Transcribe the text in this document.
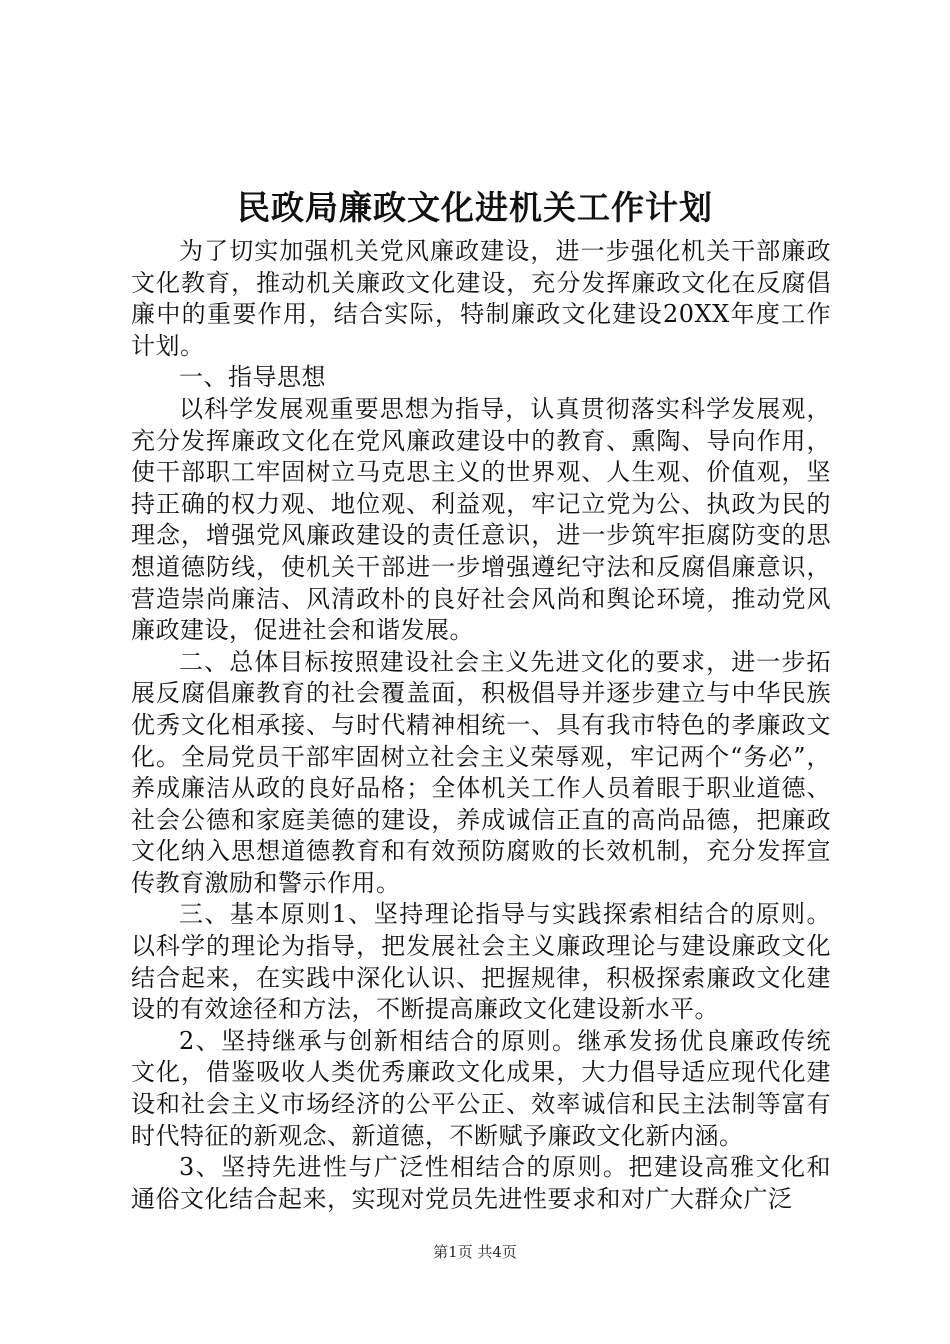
民政局廉政文化进机关工作计划

为了切实加强机关党风廉政建设，进一步强化机关干部廉政文化教育，推动机关廉政文化建设，充分发挥廉政文化在反腐倡廉中的重要作用，结合实际，特制廉政文化建设20XX年度工作计划。

一、指导思想

以科学发展观重要思想为指导，认真贯彻落实科学发展观，充分发挥廉政文化在党风廉政建设中的教育、熏陶、导向作用，使干部职工牢固树立马克思主义的世界观、人生观、价值观，坚持正确的权力观、地位观、利益观，牢记立党为公、执政为民的理念，增强党风廉政建设的责任意识，进一步筑牢拒腐防变的思想道德防线，使机关干部进一步增强遵纪守法和反腐倡廉意识，营造崇尚廉洁、风清政朴的良好社会风尚和舆论环境，推动党风廉政建设，促进社会和谐发展。

二、总体目标按照建设社会主义先进文化的要求，进一步拓展反腐倡廉教育的社会覆盖面，积极倡导并逐步建立与中华民族优秀文化相承接、与时代精神相统一、具有我市特色的孝廉政文化。全局党员干部牢固树立社会主义荣辱观，牢记两个“务必”，养成廉洁从政的良好品格；全体机关工作人员着眼于职业道德、社会公德和家庭美德的建设，养成诚信正直的高尚品德，把廉政文化纳入思想道德教育和有效预防腐败的长效机制，充分发挥宣传教育激励和警示作用。

三、基本原则1、坚持理论指导与实践探索相结合的原则。以科学的理论为指导，把发展社会主义廉政理论与建设廉政文化结合起来，在实践中深化认识、把握规律，积极探索廉政文化建设的有效途径和方法，不断提高廉政文化建设新水平。

2、坚持继承与创新相结合的原则。继承发扬优良廉政传统文化，借鉴吸收人类优秀廉政文化成果，大力倡导适应现代化建设和社会主义市场经济的公平公正、效率诚信和民主法制等富有时代特征的新观念、新道德，不断赋予廉政文化新内涵。

3、坚持先进性与广泛性相结合的原则。把建设高雅文化和通俗文化结合起来，实现对党员先进性要求和对广大群众广泛

第1页 共4页
